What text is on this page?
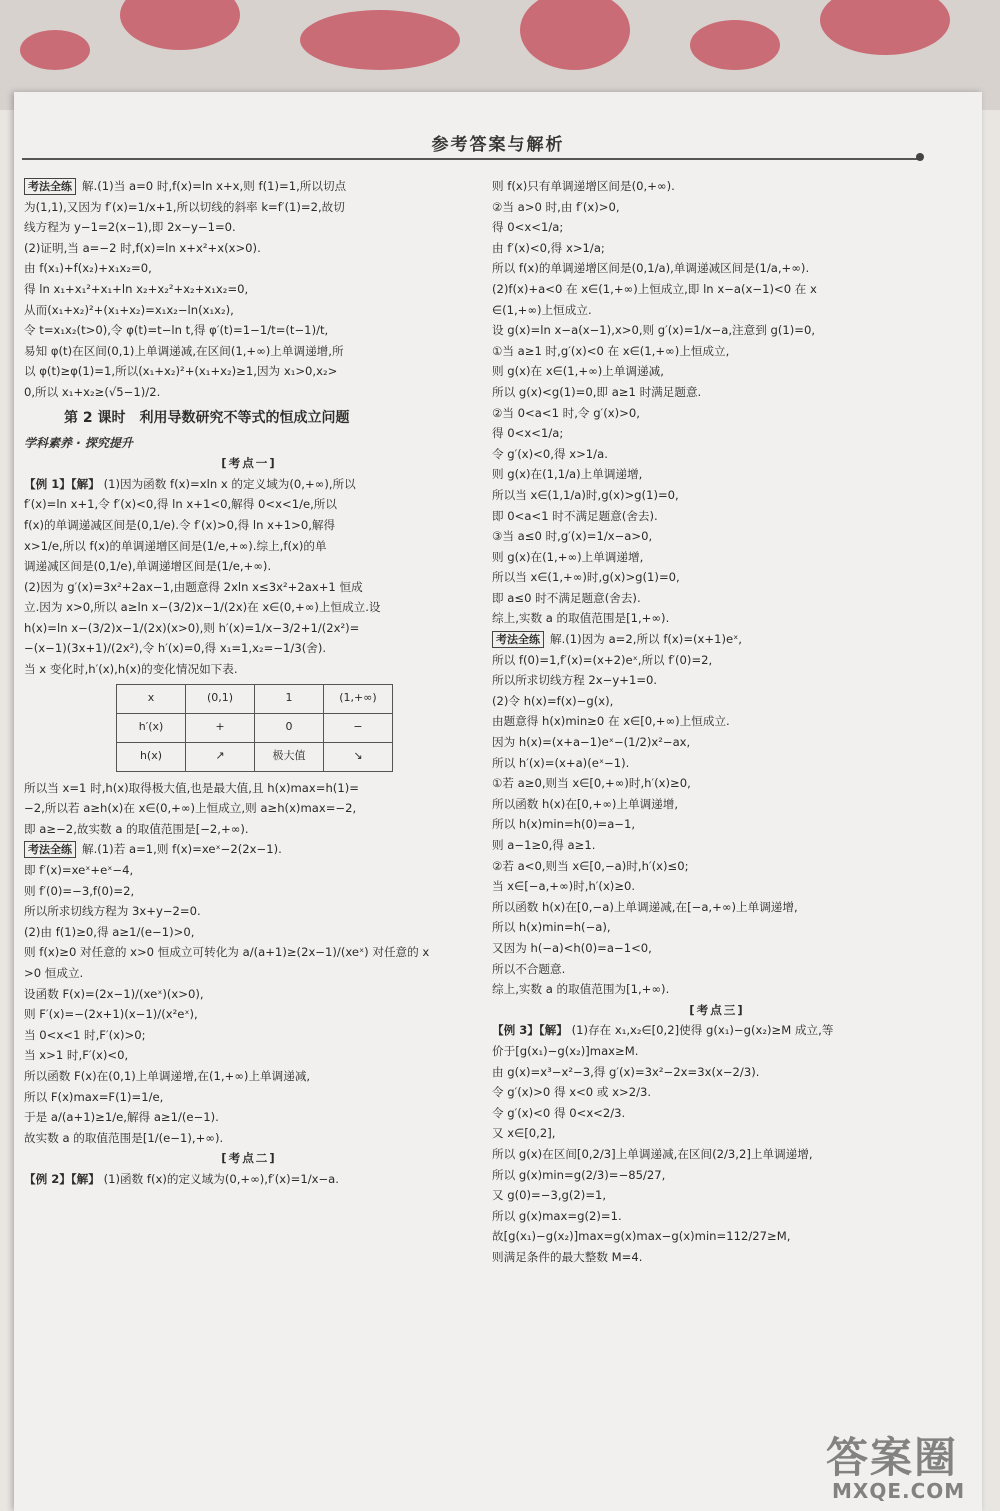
参考答案与解析
考法全练 解.(1)当 a=0 时,f(x)=ln x+x,则 f(1)=1,所以切点
为(1,1),又因为 f′(x)=1/x+1,所以切线的斜率 k=f′(1)=2,故切
线方程为 y−1=2(x−1),即 2x−y−1=0.
(2)证明,当 a=−2 时,f(x)=ln x+x²+x(x>0).
由 f(x₁)+f(x₂)+x₁x₂=0,
得 ln x₁+x₁²+x₁+ln x₂+x₂²+x₂+x₁x₂=0,
从而(x₁+x₂)²+(x₁+x₂)=x₁x₂−ln(x₁x₂),
令 t=x₁x₂(t>0),令 φ(t)=t−ln t,得 φ′(t)=1−1/t=(t−1)/t,
易知 φ(t)在区间(0,1)上单调递减,在区间(1,+∞)上单调递增,所
以 φ(t)≥φ(1)=1,所以(x₁+x₂)²+(x₁+x₂)≥1,因为 x₁>0,x₂>
0,所以 x₁+x₂≥(√5−1)/2.
第 2 课时　利用导数研究不等式的恒成立问题
学科素养 · 探究提升
[考点一]
【例 1】【解】 (1)因为函数 f(x)=xln x 的定义域为(0,+∞),所以
f′(x)=ln x+1,令 f′(x)<0,得 ln x+1<0,解得 0<x<1/e,所以
f(x)的单调递减区间是(0,1/e).令 f′(x)>0,得 ln x+1>0,解得
x>1/e,所以 f(x)的单调递增区间是(1/e,+∞).综上,f(x)的单
调递减区间是(0,1/e),单调递增区间是(1/e,+∞).
(2)因为 g′(x)=3x²+2ax−1,由题意得 2xln x≤3x²+2ax+1 恒成
立.因为 x>0,所以 a≥ln x−(3/2)x−1/(2x)在 x∈(0,+∞)上恒成立.设
h(x)=ln x−(3/2)x−1/(2x)(x>0),则 h′(x)=1/x−3/2+1/(2x²)=
−(x−1)(3x+1)/(2x²),令 h′(x)=0,得 x₁=1,x₂=−1/3(舍).
当 x 变化时,h′(x),h(x)的变化情况如下表.
x	(0,1)	1	(1,+∞)
h′(x)	+	0	−
h(x)	↗	极大值	↘
所以当 x=1 时,h(x)取得极大值,也是最大值,且 h(x)max=h(1)=
−2,所以若 a≥h(x)在 x∈(0,+∞)上恒成立,则 a≥h(x)max=−2,
即 a≥−2,故实数 a 的取值范围是[−2,+∞).
考法全练 解.(1)若 a=1,则 f(x)=xeˣ−2(2x−1).
即 f′(x)=xeˣ+eˣ−4,
则 f′(0)=−3,f(0)=2,
所以所求切线方程为 3x+y−2=0.
(2)由 f(1)≥0,得 a≥1/(e−1)>0,
则 f(x)≥0 对任意的 x>0 恒成立可转化为 a/(a+1)≥(2x−1)/(xeˣ) 对任意的 x
>0 恒成立.
设函数 F(x)=(2x−1)/(xeˣ)(x>0),
则 F′(x)=−(2x+1)(x−1)/(x²eˣ),
当 0<x<1 时,F′(x)>0;
当 x>1 时,F′(x)<0,
所以函数 F(x)在(0,1)上单调递增,在(1,+∞)上单调递减,
所以 F(x)max=F(1)=1/e,
于是 a/(a+1)≥1/e,解得 a≥1/(e−1).
故实数 a 的取值范围是[1/(e−1),+∞).
[考点二]
【例 2】【解】 (1)函数 f(x)的定义域为(0,+∞),f′(x)=1/x−a.
则 f(x)只有单调递增区间是(0,+∞).
②当 a>0 时,由 f′(x)>0,
得 0<x<1/a;
由 f′(x)<0,得 x>1/a;
所以 f(x)的单调递增区间是(0,1/a),单调递减区间是(1/a,+∞).
(2)f(x)+a<0 在 x∈(1,+∞)上恒成立,即 ln x−a(x−1)<0 在 x
∈(1,+∞)上恒成立.
设 g(x)=ln x−a(x−1),x>0,则 g′(x)=1/x−a,注意到 g(1)=0,
①当 a≥1 时,g′(x)<0 在 x∈(1,+∞)上恒成立,
则 g(x)在 x∈(1,+∞)上单调递减,
所以 g(x)<g(1)=0,即 a≥1 时满足题意.
②当 0<a<1 时,令 g′(x)>0,
得 0<x<1/a;
令 g′(x)<0,得 x>1/a.
则 g(x)在(1,1/a)上单调递增,
所以当 x∈(1,1/a)时,g(x)>g(1)=0,
即 0<a<1 时不满足题意(舍去).
③当 a≤0 时,g′(x)=1/x−a>0,
则 g(x)在(1,+∞)上单调递增,
所以当 x∈(1,+∞)时,g(x)>g(1)=0,
即 a≤0 时不满足题意(舍去).
综上,实数 a 的取值范围是[1,+∞).
考法全练 解.(1)因为 a=2,所以 f(x)=(x+1)eˣ,
所以 f(0)=1,f′(x)=(x+2)eˣ,所以 f′(0)=2,
所以所求切线方程 2x−y+1=0.
(2)令 h(x)=f(x)−g(x),
由题意得 h(x)min≥0 在 x∈[0,+∞)上恒成立.
因为 h(x)=(x+a−1)eˣ−(1/2)x²−ax,
所以 h′(x)=(x+a)(eˣ−1).
①若 a≥0,则当 x∈[0,+∞)时,h′(x)≥0,
所以函数 h(x)在[0,+∞)上单调递增,
所以 h(x)min=h(0)=a−1,
则 a−1≥0,得 a≥1.
②若 a<0,则当 x∈[0,−a)时,h′(x)≤0;
当 x∈[−a,+∞)时,h′(x)≥0.
所以函数 h(x)在[0,−a)上单调递减,在[−a,+∞)上单调递增,
所以 h(x)min=h(−a),
又因为 h(−a)<h(0)=a−1<0,
所以不合题意.
综上,实数 a 的取值范围为[1,+∞).
[考点三]
【例 3】【解】 (1)存在 x₁,x₂∈[0,2]使得 g(x₁)−g(x₂)≥M 成立,等
价于[g(x₁)−g(x₂)]max≥M.
由 g(x)=x³−x²−3,得 g′(x)=3x²−2x=3x(x−2/3).
令 g′(x)>0 得 x<0 或 x>2/3.
令 g′(x)<0 得 0<x<2/3.
又 x∈[0,2],
所以 g(x)在区间[0,2/3]上单调递减,在区间(2/3,2]上单调递增,
所以 g(x)min=g(2/3)=−85/27,
又 g(0)=−3,g(2)=1,
所以 g(x)max=g(2)=1.
故[g(x₁)−g(x₂)]max=g(x)max−g(x)min=112/27≥M,
则满足条件的最大整数 M=4.
答案圈
MXQE.COM
